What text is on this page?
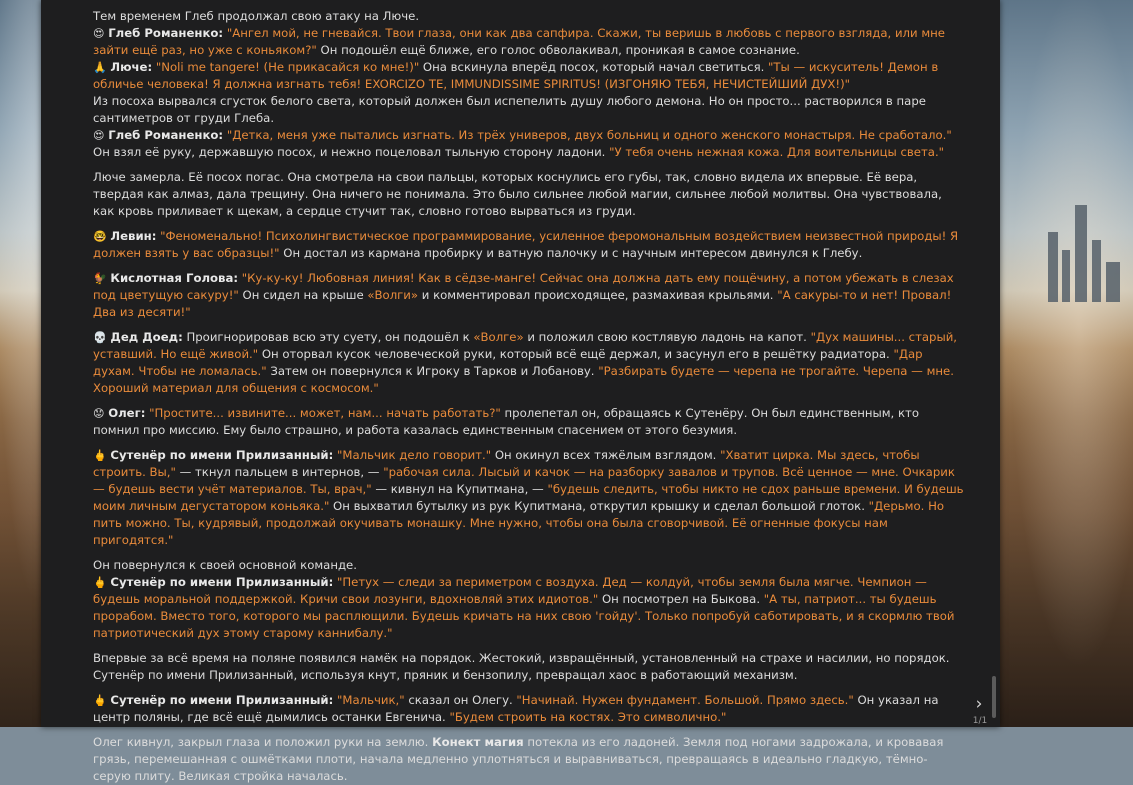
Тем временем Глеб продолжал свою атаку на Люче.
😍 Глеб Романенко: "Ангел мой, не гневайся. Твои глаза, они как два сапфира. Скажи, ты веришь в любовь с первого взгляда, или мне зайти ещё раз, но уже с коньяком?" Он подошёл ещё ближе, его голос обволакивал, проникая в самое сознание.
🙏 Люче: "Noli me tangere! (Не прикасайся ко мне!)" Она вскинула вперёд посох, который начал светиться. "Ты — искуситель! Демон в обличье человека! Я должна изгнать тебя! EXORCIZO TE, IMMUNDISSIME SPIRITUS! (ИЗГОНЯЮ ТЕБЯ, НЕЧИСТЕЙШИЙ ДУХ!)"
Из посоха вырвался сгусток белого света, который должен был испепелить душу любого демона. Но он просто... растворился в паре сантиметров от груди Глеба.
😍 Глеб Романенко: "Детка, меня уже пытались изгнать. Из трёх универов, двух больниц и одного женского монастыря. Не сработало." Он взял её руку, державшую посох, и нежно поцеловал тыльную сторону ладони. "У тебя очень нежная кожа. Для воительницы света."
Люче замерла. Её посох погас. Она смотрела на свои пальцы, которых коснулись его губы, так, словно видела их впервые. Её вера, твердая как алмаз, дала трещину. Она ничего не понимала. Это было сильнее любой магии, сильнее любой молитвы. Она чувствовала, как кровь приливает к щекам, а сердце стучит так, словно готово вырваться из груди.
🤓 Левин: "Феноменально! Психолингвистическое программирование, усиленное феромональным воздействием неизвестной природы! Я должен взять у вас образцы!" Он достал из кармана пробирку и ватную палочку и с научным интересом двинулся к Глебу.
🐓 Кислотная Голова: "Ку-ку-ку! Любовная линия! Как в сёдзе-манге! Сейчас она должна дать ему пощёчину, а потом убежать в слезах под цветущую сакуру!" Он сидел на крыше «Волги» и комментировал происходящее, размахивая крыльями. "А сакуры-то и нет! Провал! Два из десяти!"
💀 Дед Доед: Проигнорировав всю эту суету, он подошёл к «Волге» и положил свою костлявую ладонь на капот. "Дух машины... старый, уставший. Но ещё живой." Он оторвал кусок человеческой руки, который всё ещё держал, и засунул его в решётку радиатора. "Дар духам. Чтобы не ломалась." Затем он повернулся к Игроку в Тарков и Лобанову. "Разбирать будете — черепа не трогайте. Черепа — мне. Хороший материал для общения с космосом."
😟 Олег: "Простите... извините... может, нам... начать работать?" пролепетал он, обращаясь к Сутенёру. Он был единственным, кто помнил про миссию. Ему было страшно, и работа казалась единственным спасением от этого безумия.
🖕 Сутенёр по имени Прилизанный: "Мальчик дело говорит." Он окинул всех тяжёлым взглядом. "Хватит цирка. Мы здесь, чтобы строить. Вы," — ткнул пальцем в интернов, — "рабочая сила. Лысый и качок — на разборку завалов и трупов. Всё ценное — мне. Очкарик — будешь вести учёт материалов. Ты, врач," — кивнул на Купитмана, — "будешь следить, чтобы никто не сдох раньше времени. И будешь моим личным дегустатором коньяка." Он выхватил бутылку из рук Купитмана, открутил крышку и сделал большой глоток. "Дерьмо. Но пить можно. Ты, кудрявый, продолжай окучивать монашку. Мне нужно, чтобы она была сговорчивой. Её огненные фокусы нам пригодятся."
Он повернулся к своей основной команде.
🖕 Сутенёр по имени Прилизанный: "Петух — следи за периметром с воздуха. Дед — колдуй, чтобы земля была мягче. Чемпион — будешь моральной поддержкой. Кричи свои лозунги, вдохновляй этих идиотов." Он посмотрел на Быкова. "А ты, патриот... ты будешь прорабом. Вместо того, которого мы расплющили. Будешь кричать на них свою 'гойду'. Только попробуй саботировать, и я скормлю твой патриотический дух этому старому каннибалу."
Впервые за всё время на поляне появился намёк на порядок. Жестокий, извращённый, установленный на страхе и насилии, но порядок. Сутенёр по имени Прилизанный, используя кнут, пряник и бензопилу, превращал хаос в работающий механизм.
🖕 Сутенёр по имени Прилизанный: "Мальчик," сказал он Олегу. "Начинай. Нужен фундамент. Большой. Прямо здесь." Он указал на центр поляны, где всё ещё дымились останки Евгенича. "Будем строить на костях. Это символично."
Олег кивнул, закрыл глаза и положил руки на землю. Конект магия потекла из его ладоней. Земля под ногами задрожала, и кровавая грязь, перемешанная с ошмётками плоти, начала медленно уплотняться и выравниваться, превращаясь в идеально гладкую, тёмно-серую плиту. Великая стройка началась.
›
1/1
